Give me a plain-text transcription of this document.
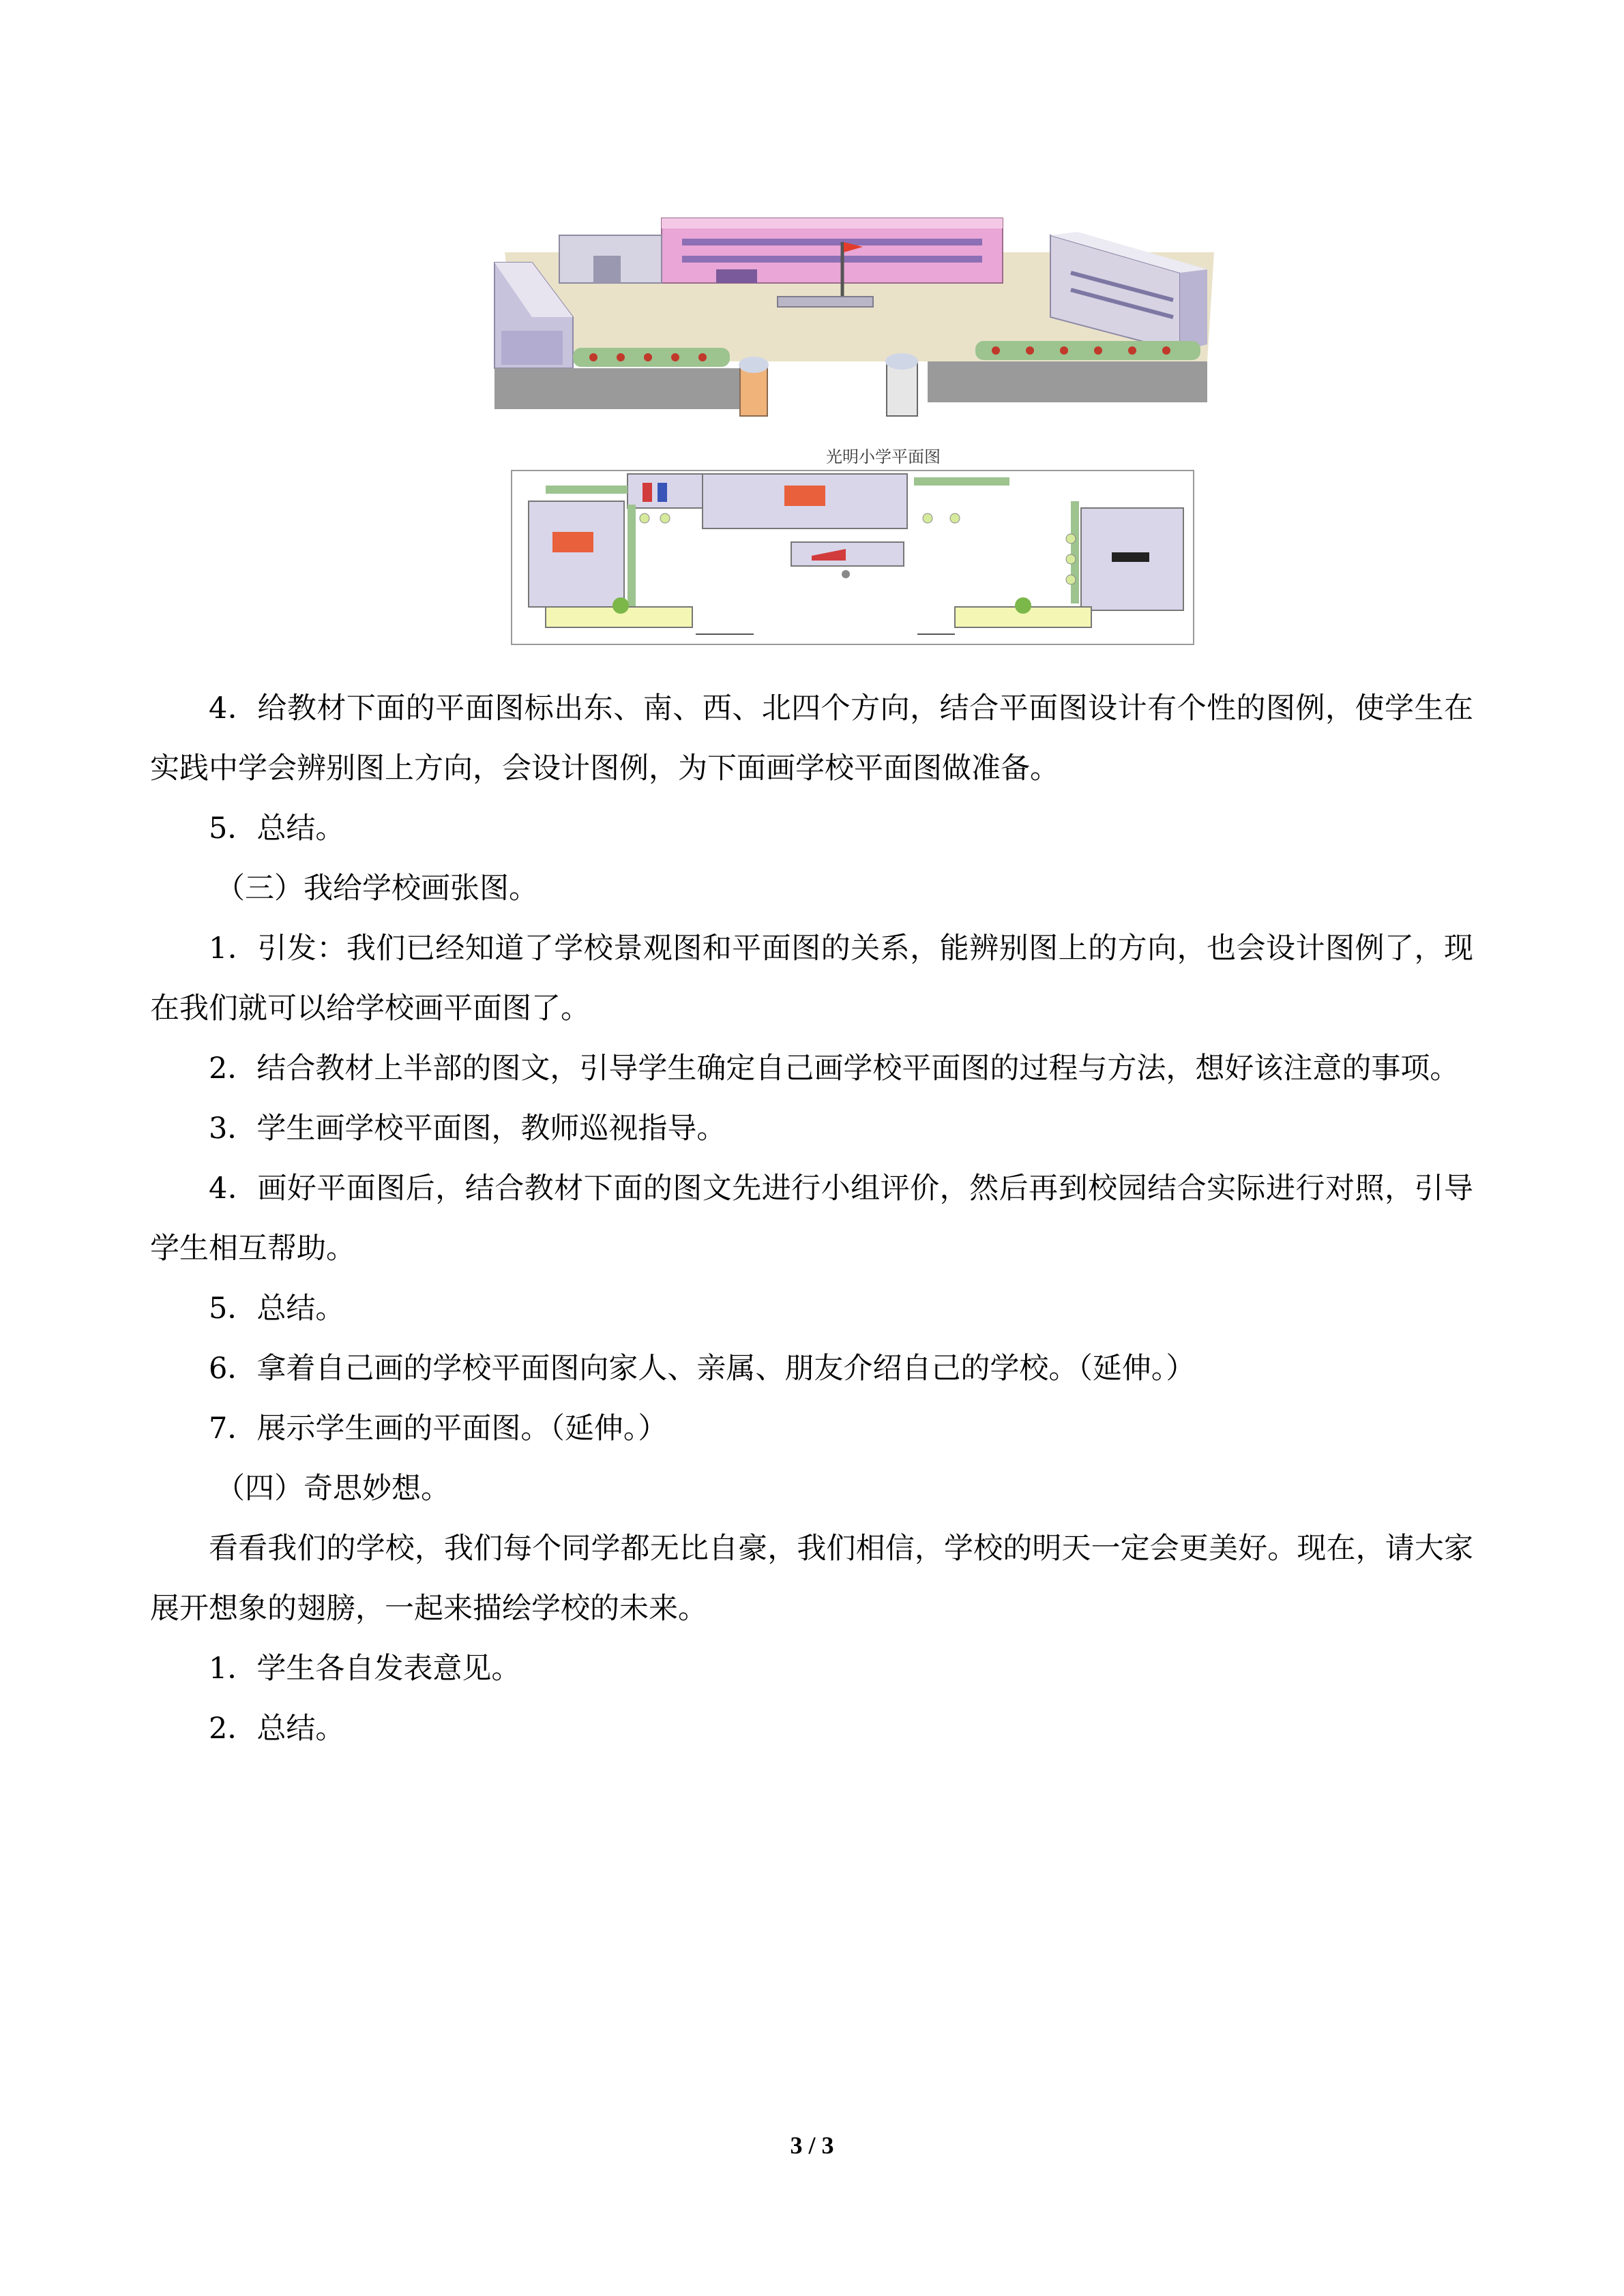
光明小学平面图

4．给教材下面的平面图标出东、南、西、北四个方向，结合平面图设计有个性的图例，使学生在实践中学会辨别图上方向，会设计图例，为下面画学校平面图做准备。

5．总结。

（三）我给学校画张图。

1．引发：我们已经知道了学校景观图和平面图的关系，能辨别图上的方向，也会设计图例了，现在我们就可以给学校画平面图了。

2．结合教材上半部的图文，引导学生确定自己画学校平面图的过程与方法，想好该注意的事项。

3．学生画学校平面图，教师巡视指导。

4．画好平面图后，结合教材下面的图文先进行小组评价，然后再到校园结合实际进行对照，引导学生相互帮助。

5．总结。

6．拿着自己画的学校平面图向家人、亲属、朋友介绍自己的学校。（延伸。）

7．展示学生画的平面图。（延伸。）

（四）奇思妙想。

看看我们的学校，我们每个同学都无比自豪，我们相信，学校的明天一定会更美好。现在，请大家展开想象的翅膀，一起来描绘学校的未来。

1．学生各自发表意见。

2．总结。

3 / 3
